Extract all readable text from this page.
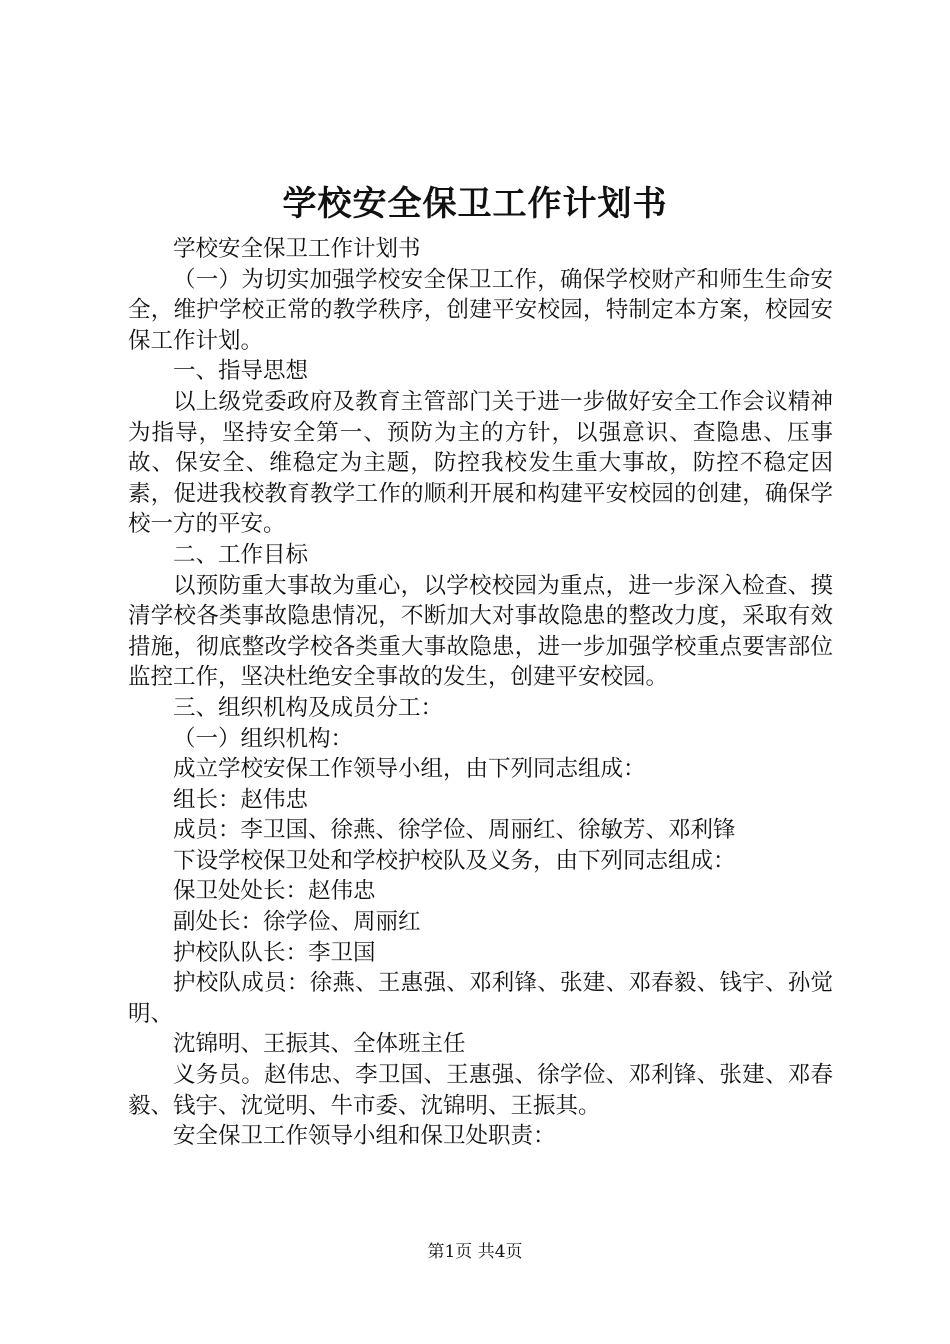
学校安全保卫工作计划书

学校安全保卫工作计划书

（一）为切实加强学校安全保卫工作，确保学校财产和师生生命安全，维护学校正常的教学秩序，创建平安校园，特制定本方案，校园安保工作计划。

一、指导思想

以上级党委政府及教育主管部门关于进一步做好安全工作会议精神为指导，坚持安全第一、预防为主的方针，以强意识、查隐患、压事故、保安全、维稳定为主题，防控我校发生重大事故，防控不稳定因素，促进我校教育教学工作的顺利开展和构建平安校园的创建，确保学校一方的平安。

二、工作目标

以预防重大事故为重心，以学校校园为重点，进一步深入检查、摸清学校各类事故隐患情况，不断加大对事故隐患的整改力度，采取有效措施，彻底整改学校各类重大事故隐患，进一步加强学校重点要害部位监控工作，坚决杜绝安全事故的发生，创建平安校园。

三、组织机构及成员分工：

（一）组织机构：

成立学校安保工作领导小组，由下列同志组成：

组长：赵伟忠

成员：李卫国、徐燕、徐学俭、周丽红、徐敏芳、邓利锋

下设学校保卫处和学校护校队及义务，由下列同志组成：

保卫处处长：赵伟忠

副处长：徐学俭、周丽红

护校队队长：李卫国

护校队成员：徐燕、王惠强、邓利锋、张建、邓春毅、钱宇、孙觉明、

沈锦明、王振其、全体班主任

义务员。赵伟忠、李卫国、王惠强、徐学俭、邓利锋、张建、邓春毅、钱宇、沈觉明、牛市委、沈锦明、王振其。

安全保卫工作领导小组和保卫处职责：

第1页 共4页
